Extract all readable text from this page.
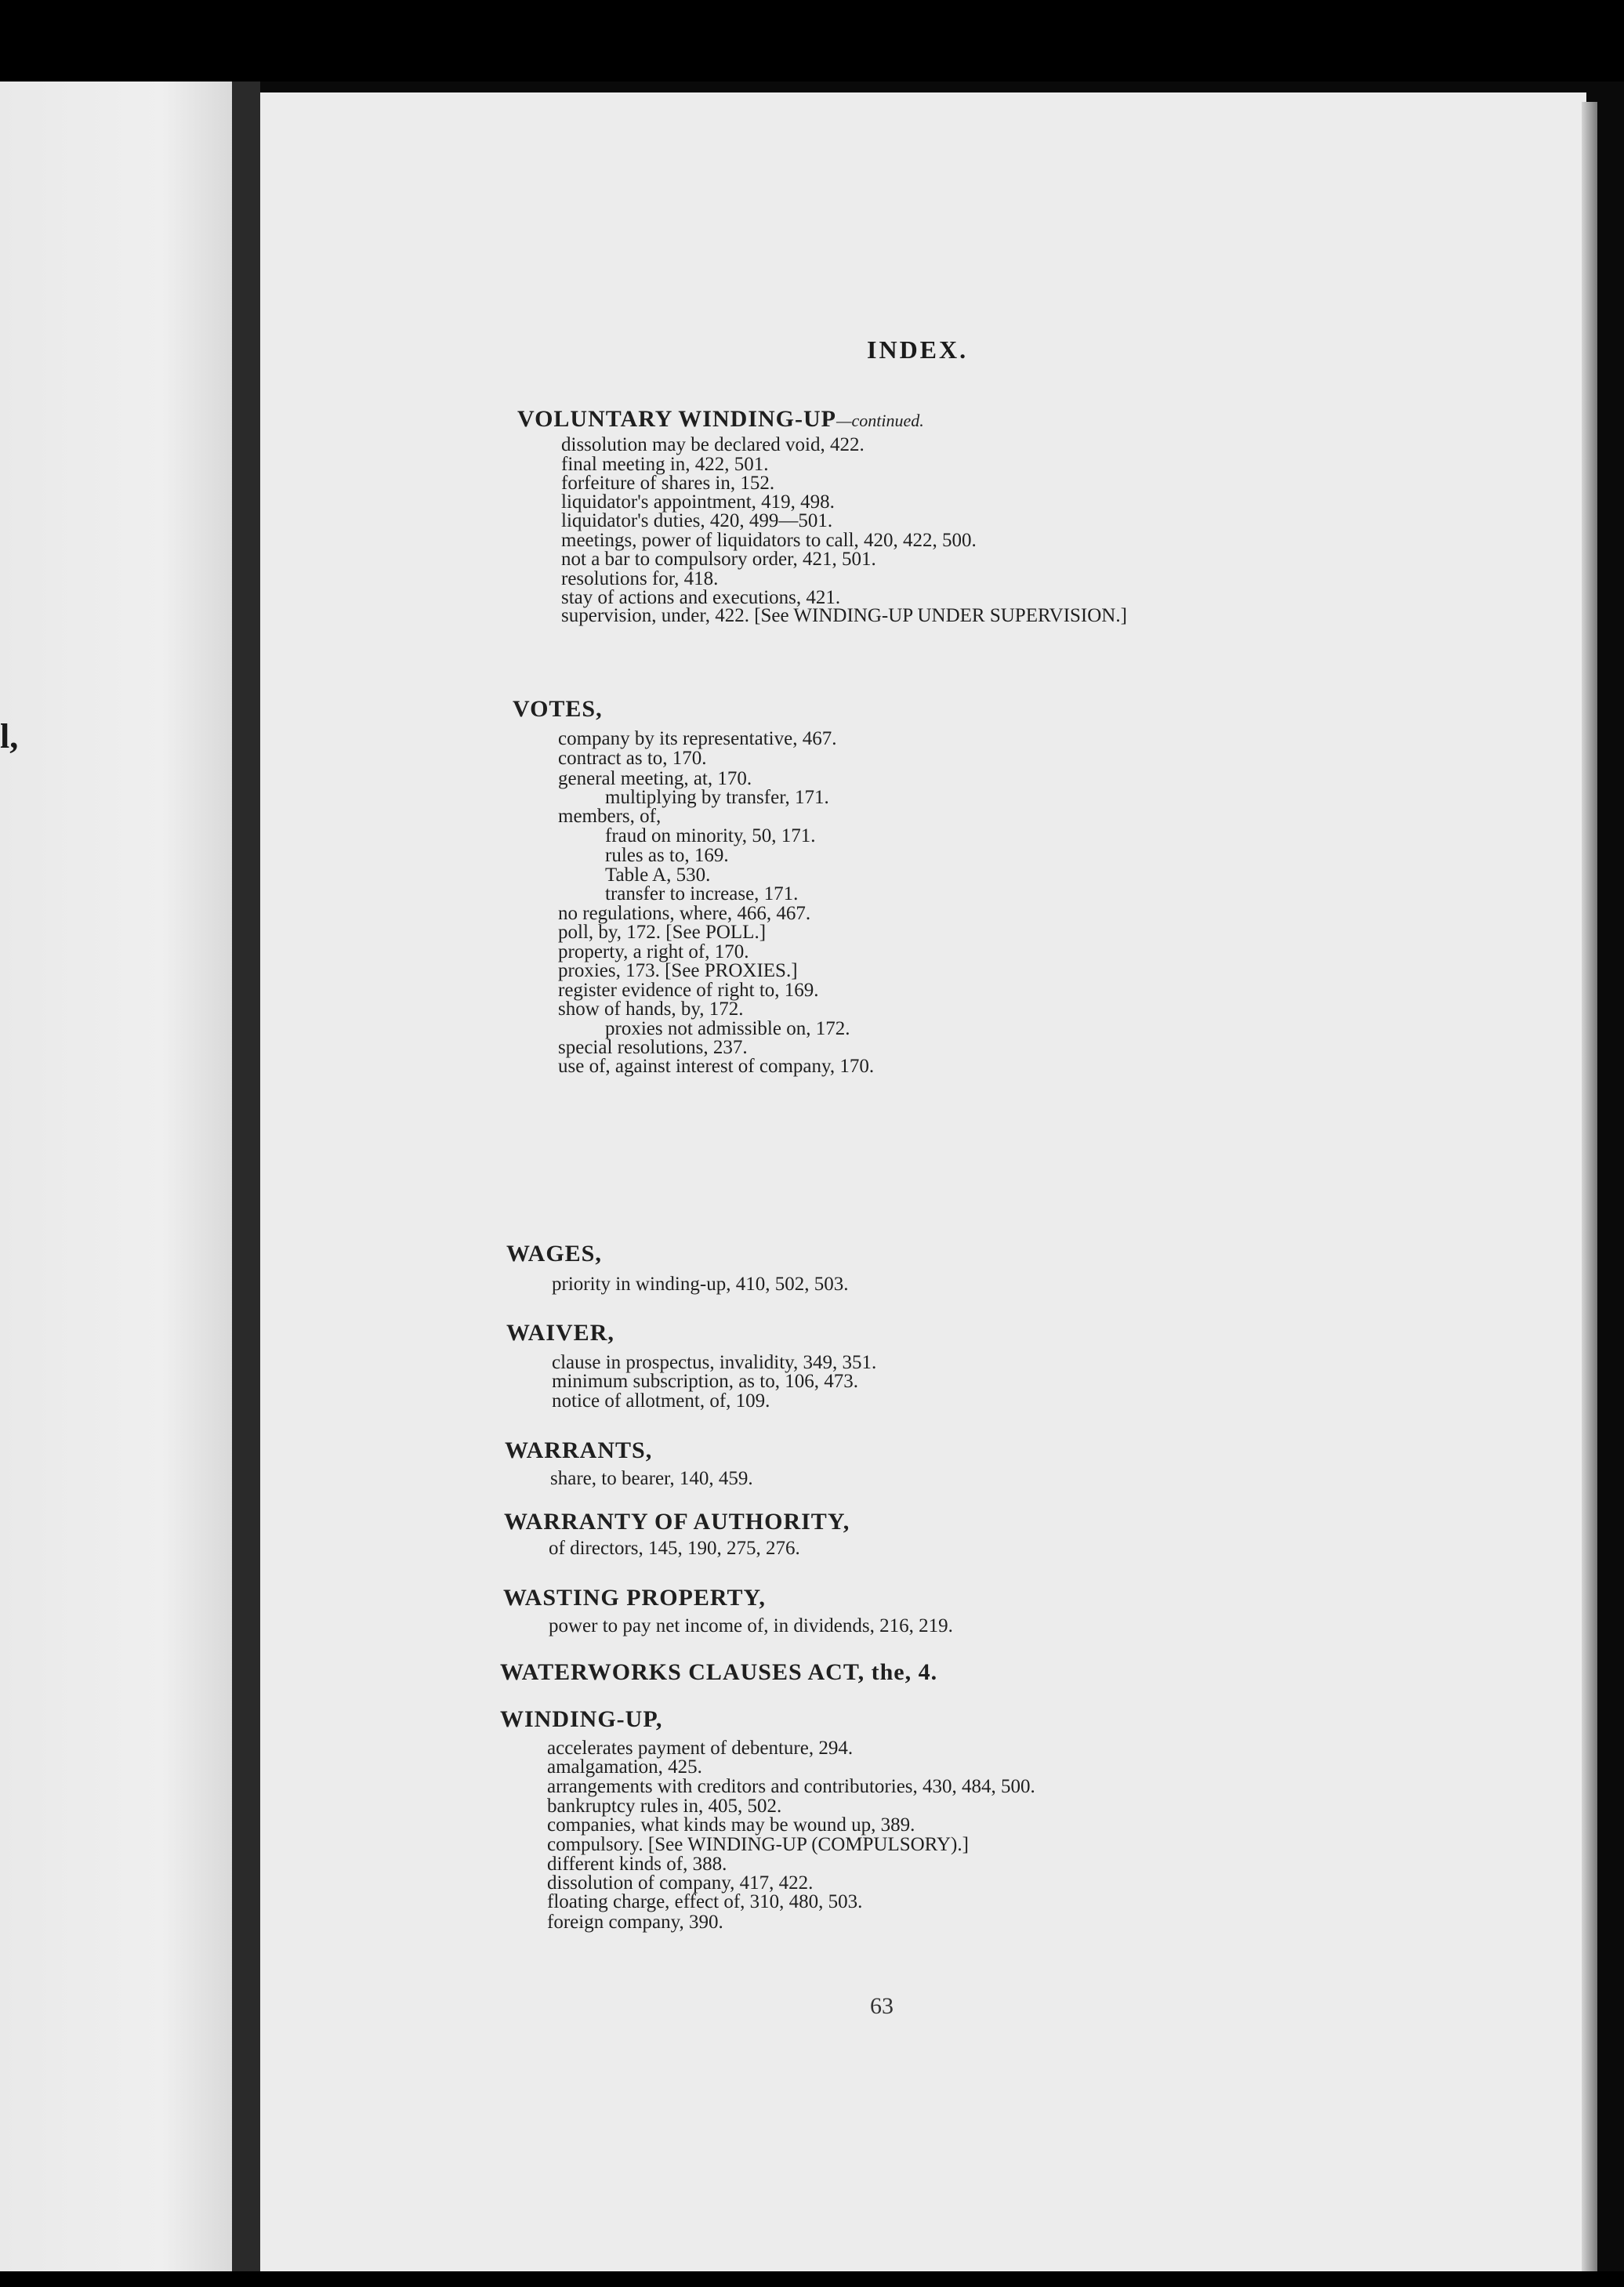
l,
INDEX.
VOLUNTARY WINDING-UP—continued.
dissolution may be declared void, 422.
final meeting in, 422, 501.
forfeiture of shares in, 152.
liquidator's appointment, 419, 498.
liquidator's duties, 420, 499—501.
meetings, power of liquidators to call, 420, 422, 500.
not a bar to compulsory order, 421, 501.
resolutions for, 418.
stay of actions and executions, 421.
supervision, under, 422. [See WINDING-UP UNDER SUPERVISION.]
VOTES,
company by its representative, 467.
contract as to, 170.
general meeting, at, 170.
multiplying by transfer, 171.
members, of,
fraud on minority, 50, 171.
rules as to, 169.
Table A, 530.
transfer to increase, 171.
no regulations, where, 466, 467.
poll, by, 172. [See POLL.]
property, a right of, 170.
proxies, 173. [See PROXIES.]
register evidence of right to, 169.
show of hands, by, 172.
proxies not admissible on, 172.
special resolutions, 237.
use of, against interest of company, 170.
WAGES,
priority in winding-up, 410, 502, 503.
WAIVER,
clause in prospectus, invalidity, 349, 351.
minimum subscription, as to, 106, 473.
notice of allotment, of, 109.
WARRANTS,
share, to bearer, 140, 459.
WARRANTY OF AUTHORITY,
of directors, 145, 190, 275, 276.
WASTING PROPERTY,
power to pay net income of, in dividends, 216, 219.
WATERWORKS CLAUSES ACT, the, 4.
WINDING-UP,
accelerates payment of debenture, 294.
amalgamation, 425.
arrangements with creditors and contributories, 430, 484, 500.
bankruptcy rules in, 405, 502.
companies, what kinds may be wound up, 389.
compulsory. [See WINDING-UP (COMPULSORY).]
different kinds of, 388.
dissolution of company, 417, 422.
floating charge, effect of, 310, 480, 503.
foreign company, 390.
63
